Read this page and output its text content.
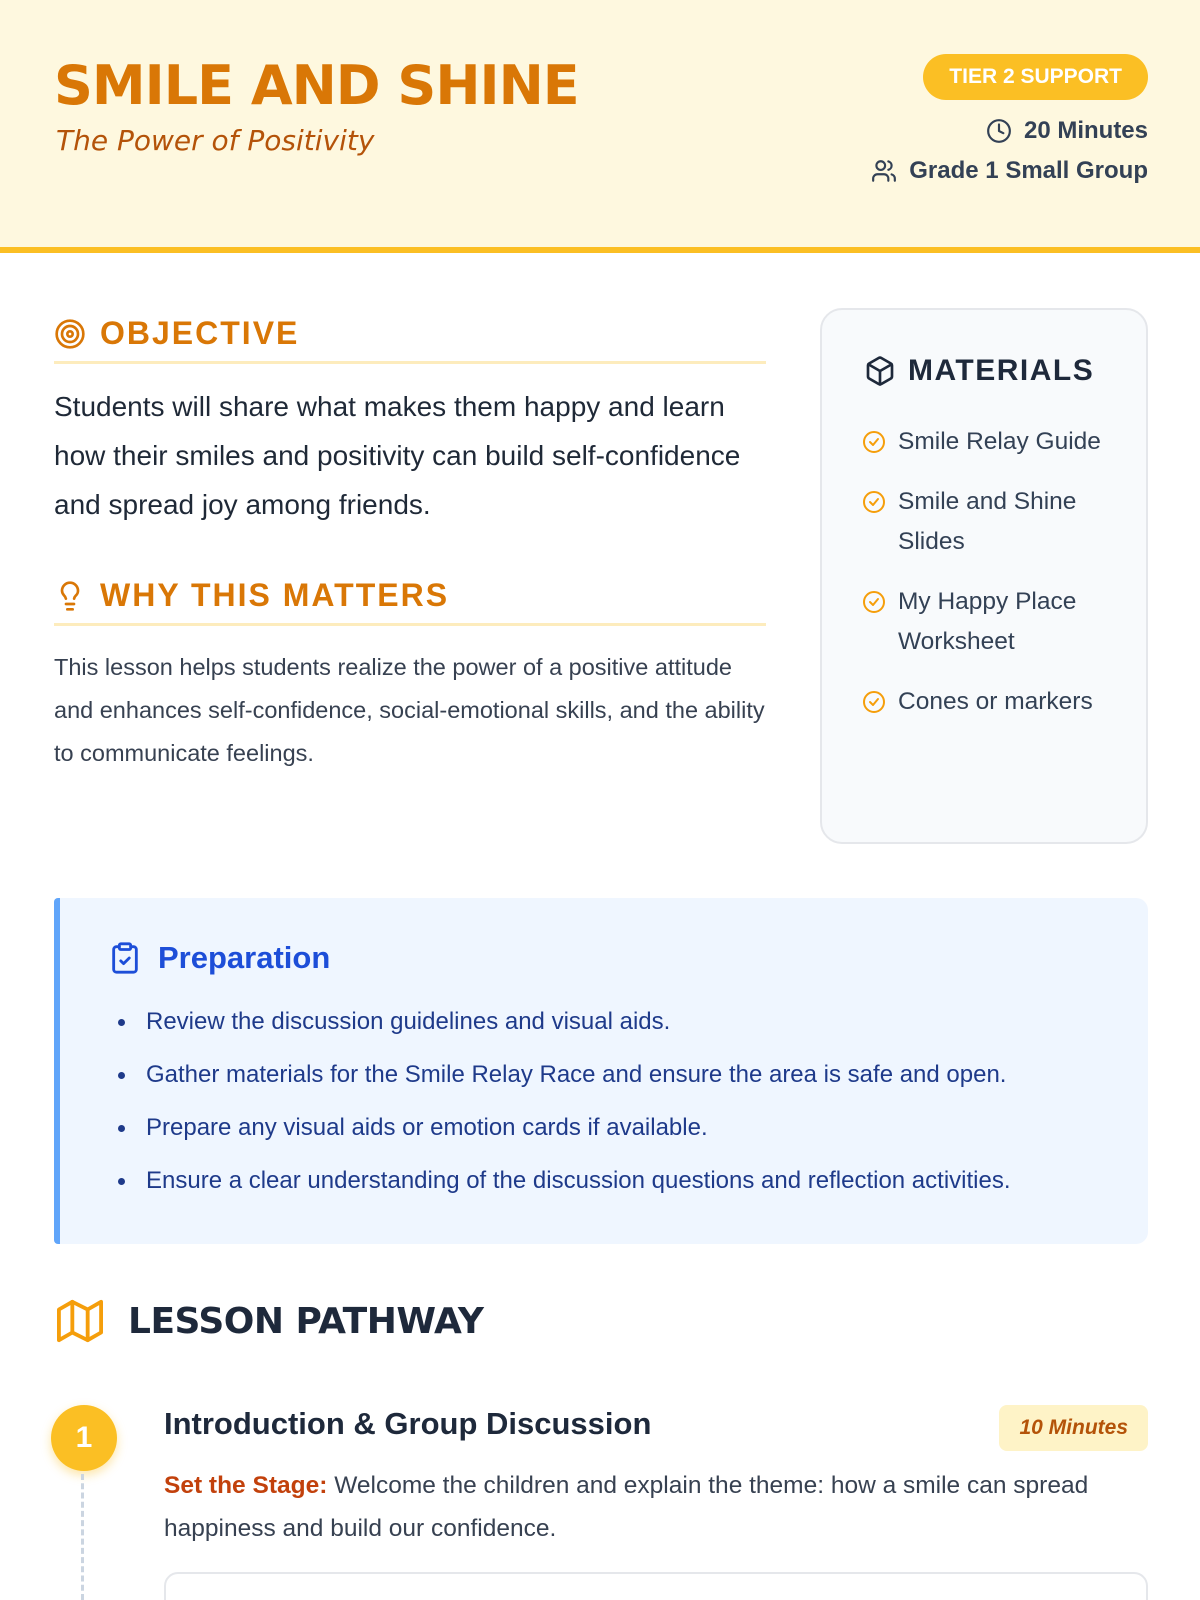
SMILE AND SHINE
The Power of Positivity
TIER 2 SUPPORT
20 Minutes
Grade 1 Small Group
OBJECTIVE
Students will share what makes them happy and learn how their smiles and positivity can build self-confidence and spread joy among friends.
WHY THIS MATTERS
This lesson helps students realize the power of a positive attitude and enhances self-confidence, social-emotional skills, and the ability to communicate feelings.
MATERIALS
Smile Relay Guide
Smile and Shine Slides
My Happy Place Worksheet
Cones or markers
Preparation
Review the discussion guidelines and visual aids.
Gather materials for the Smile Relay Race and ensure the area is safe and open.
Prepare any visual aids or emotion cards if available.
Ensure a clear understanding of the discussion questions and reflection activities.
LESSON PATHWAY
1	Introduction & Group Discussion	10 Minutes
Set the Stage: Welcome the children and explain the theme: how a smile can spread happiness and build our confidence.
